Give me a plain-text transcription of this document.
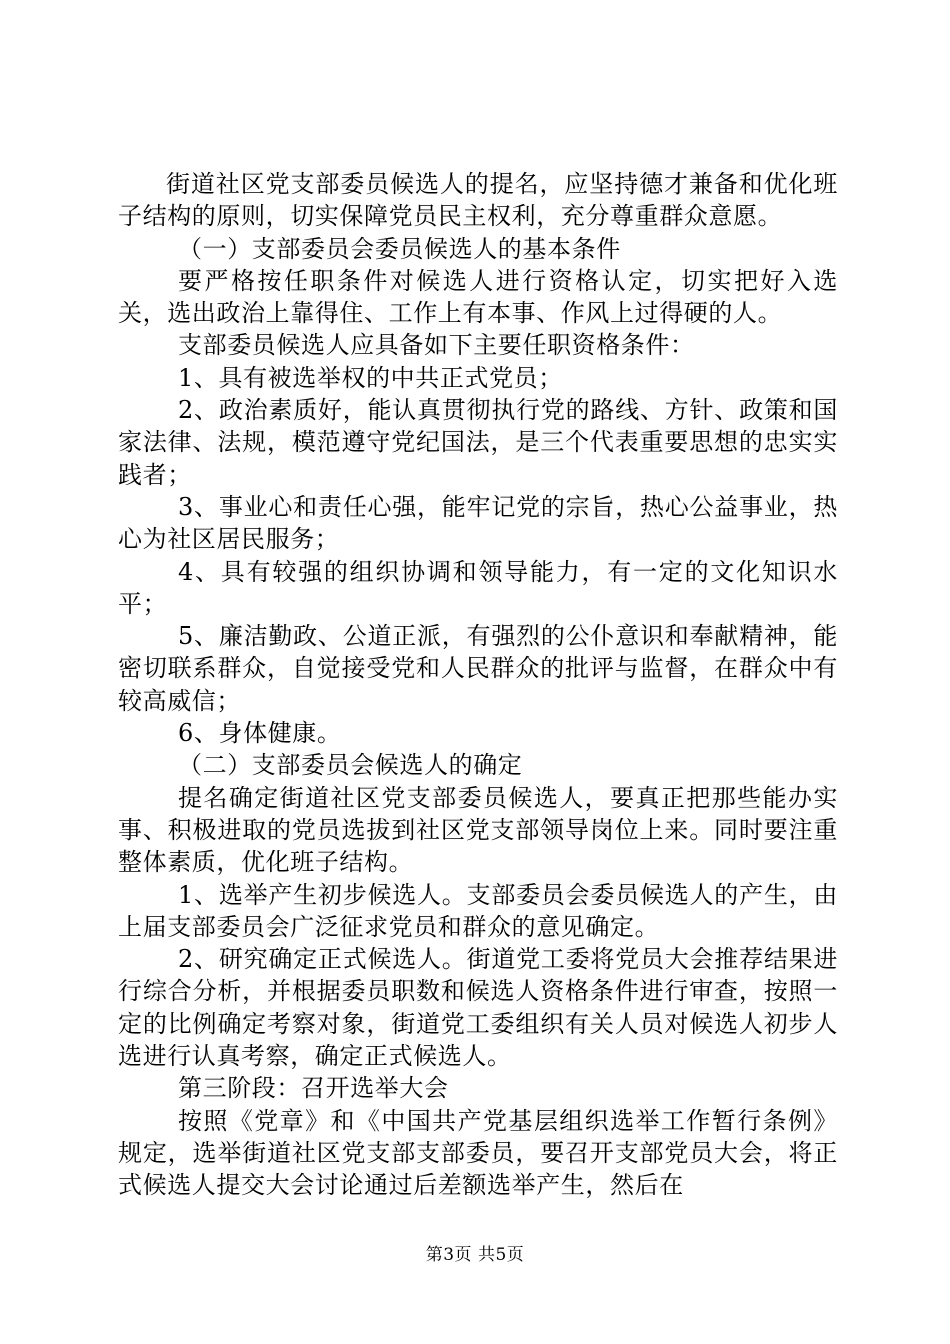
街道社区党支部委员候选人的提名，应坚持德才兼备和优化班子结构的原则，切实保障党员民主权利，充分尊重群众意愿。

（一）支部委员会委员候选人的基本条件

要严格按任职条件对候选人进行资格认定，切实把好入选关，选出政治上靠得住、工作上有本事、作风上过得硬的人。

支部委员候选人应具备如下主要任职资格条件：

1、具有被选举权的中共正式党员；

2、政治素质好，能认真贯彻执行党的路线、方针、政策和国家法律、法规，模范遵守党纪国法，是三个代表重要思想的忠实实践者；

3、事业心和责任心强，能牢记党的宗旨，热心公益事业，热心为社区居民服务；

4、具有较强的组织协调和领导能力，有一定的文化知识水平；

5、廉洁勤政、公道正派，有强烈的公仆意识和奉献精神，能密切联系群众，自觉接受党和人民群众的批评与监督，在群众中有较高威信；

6、身体健康。

（二）支部委员会候选人的确定

提名确定街道社区党支部委员候选人，要真正把那些能办实事、积极进取的党员选拔到社区党支部领导岗位上来。同时要注重整体素质，优化班子结构。

1、选举产生初步候选人。支部委员会委员候选人的产生，由上届支部委员会广泛征求党员和群众的意见确定。

2、研究确定正式候选人。街道党工委将党员大会推荐结果进行综合分析，并根据委员职数和候选人资格条件进行审查，按照一定的比例确定考察对象，街道党工委组织有关人员对候选人初步人选进行认真考察，确定正式候选人。

第三阶段：召开选举大会

按照《党章》和《中国共产党基层组织选举工作暂行条例》规定，选举街道社区党支部支部委员，要召开支部党员大会，将正式候选人提交大会讨论通过后差额选举产生，然后在

第3页 共5页
